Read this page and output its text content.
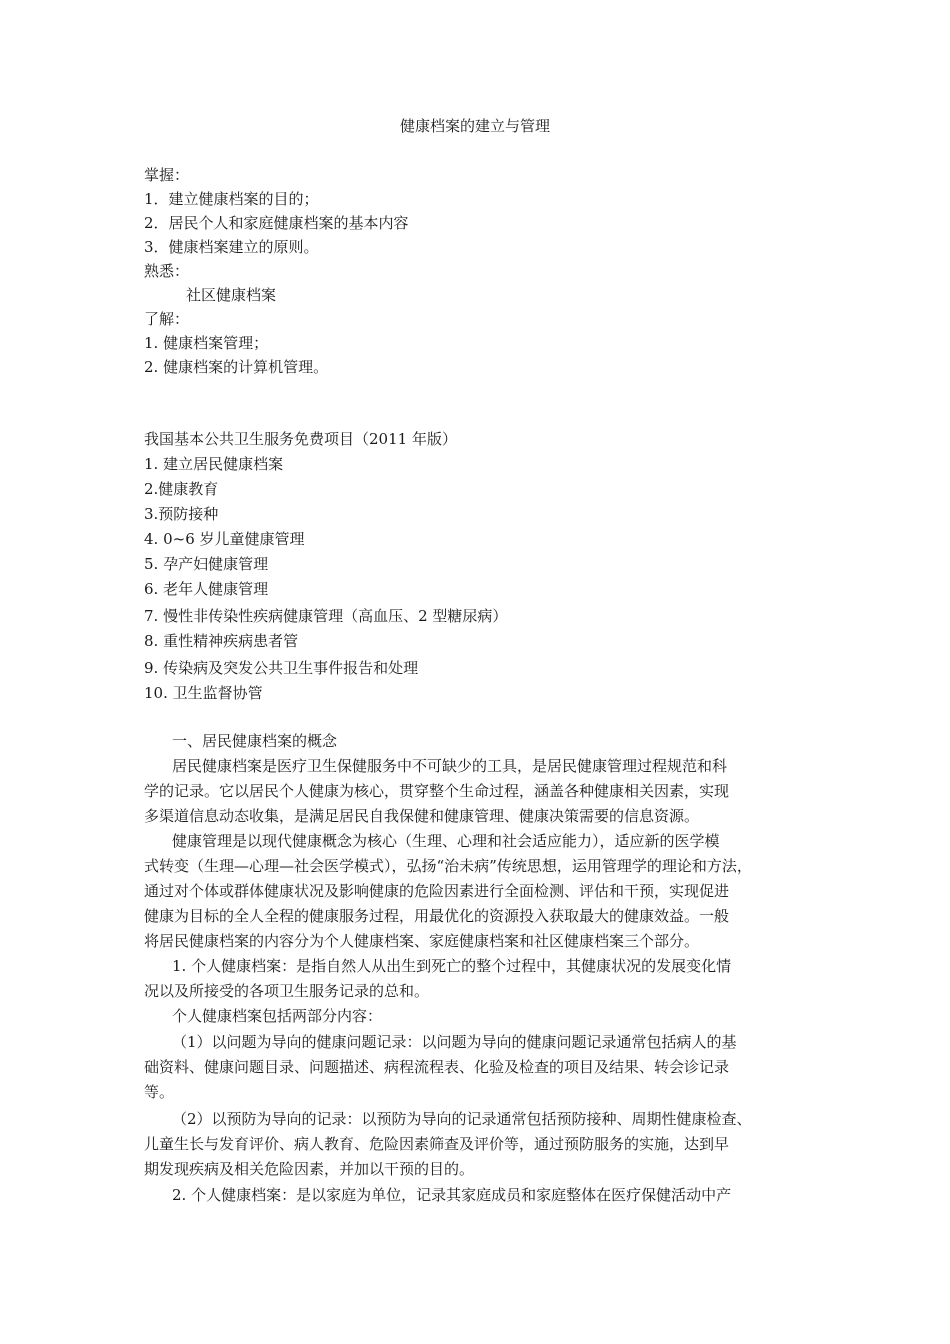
健康档案的建立与管理
掌握：
1．建立健康档案的目的；
2．居民个人和家庭健康档案的基本内容
3．健康档案建立的原则。
熟悉：
社区健康档案
了解：
1. 健康档案管理；
2. 健康档案的计算机管理。
我国基本公共卫生服务免费项目（2011 年版）
1. 建立居民健康档案
2.健康教育
3.预防接种
4. 0~6 岁儿童健康管理
5. 孕产妇健康管理
6. 老年人健康管理
7. 慢性非传染性疾病健康管理（高血压、2 型糖尿病）
8. 重性精神疾病患者管
9. 传染病及突发公共卫生事件报告和处理
10. 卫生监督协管
一、居民健康档案的概念
居民健康档案是医疗卫生保健服务中不可缺少的工具，是居民健康管理过程规范和科
学的记录。它以居民个人健康为核心，贯穿整个生命过程，涵盖各种健康相关因素，实现
多渠道信息动态收集，是满足居民自我保健和健康管理、健康决策需要的信息资源。
健康管理是以现代健康概念为核心（生理、心理和社会适应能力），适应新的医学模
式转变（生理—心理—社会医学模式），弘扬“治未病”传统思想，运用管理学的理论和方法，
通过对个体或群体健康状况及影响健康的危险因素进行全面检测、评估和干预，实现促进
健康为目标的全人全程的健康服务过程，用最优化的资源投入获取最大的健康效益。一般
将居民健康档案的内容分为个人健康档案、家庭健康档案和社区健康档案三个部分。
1. 个人健康档案：是指自然人从出生到死亡的整个过程中，其健康状况的发展变化情
况以及所接受的各项卫生服务记录的总和。
个人健康档案包括两部分内容：
（1）以问题为导向的健康问题记录：以问题为导向的健康问题记录通常包括病人的基
础资料、健康问题目录、问题描述、病程流程表、化验及检查的项目及结果、转会诊记录
等。
（2）以预防为导向的记录：以预防为导向的记录通常包括预防接种、周期性健康检查、
儿童生长与发育评价、病人教育、危险因素筛查及评价等，通过预防服务的实施，达到早
期发现疾病及相关危险因素，并加以干预的目的。
2. 个人健康档案：是以家庭为单位，记录其家庭成员和家庭整体在医疗保健活动中产
